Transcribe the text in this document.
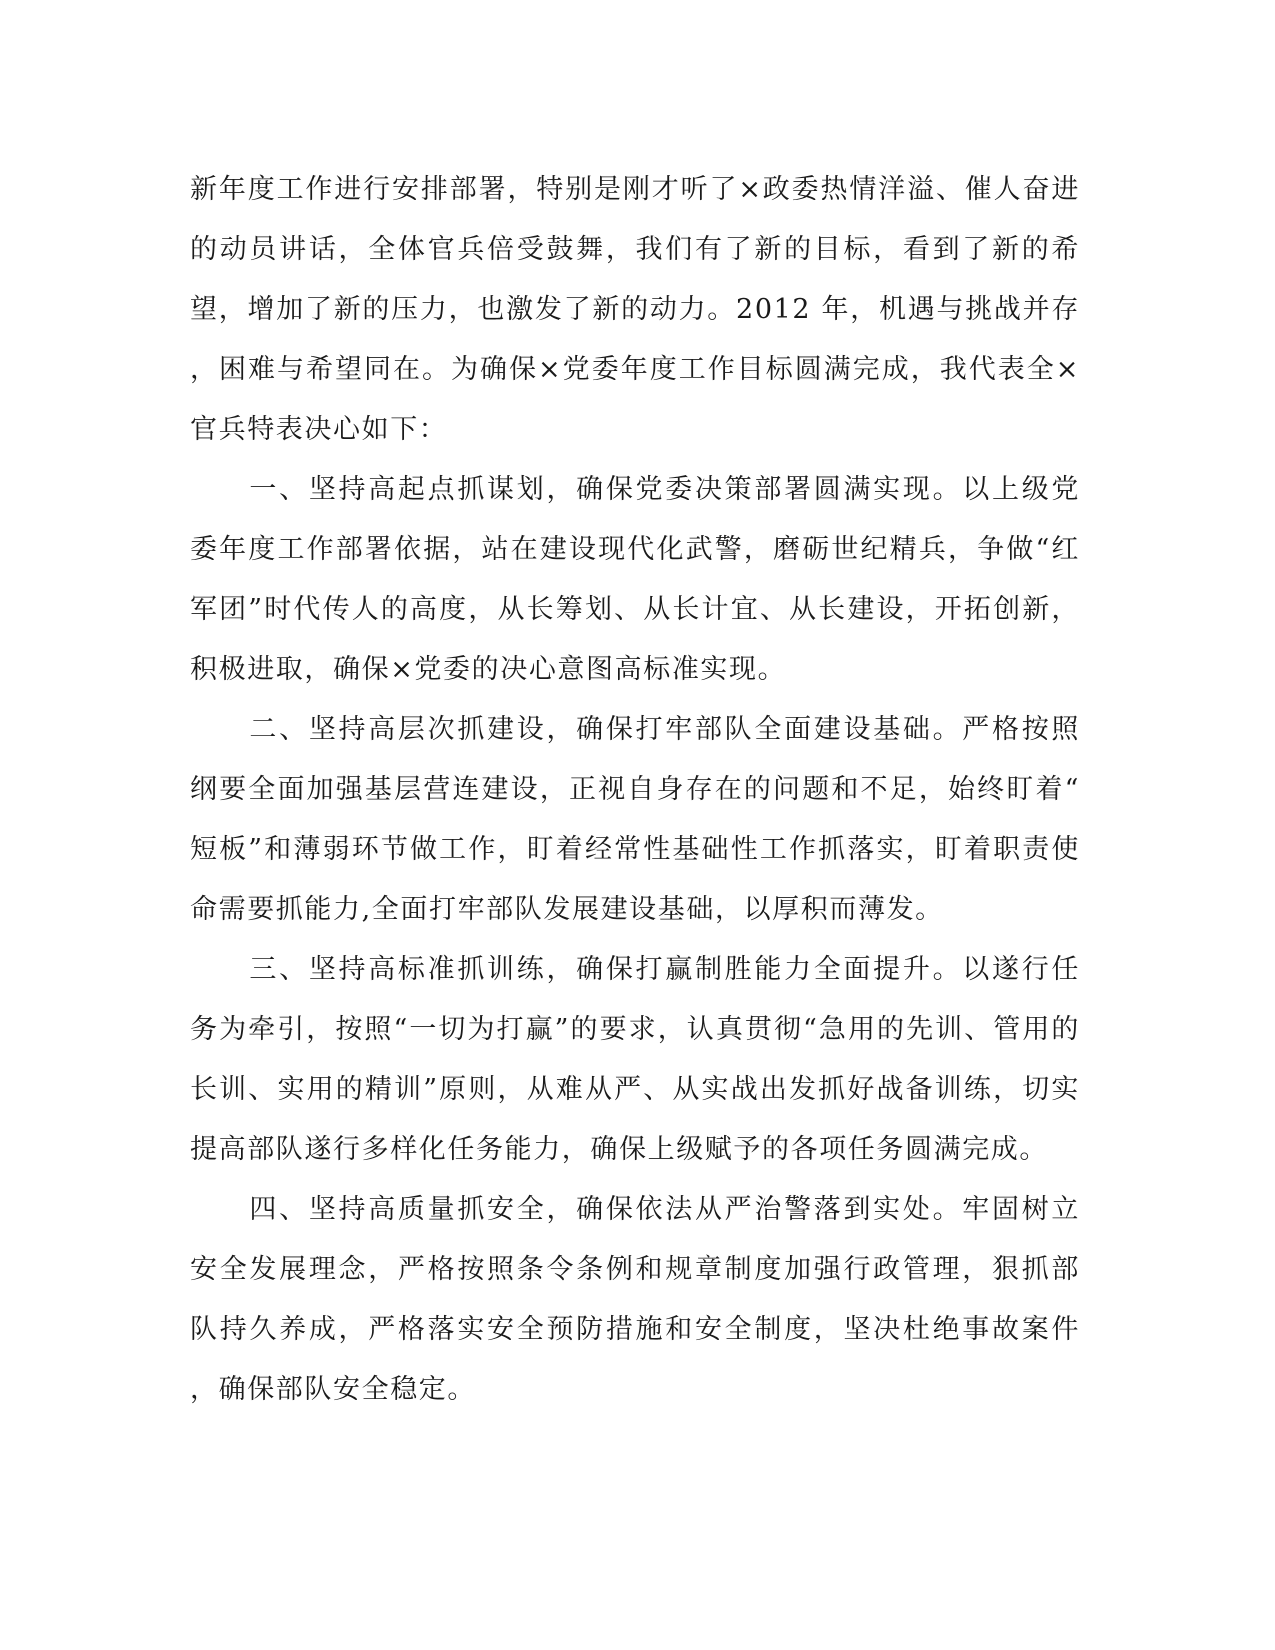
新年度工作进行安排部署，特别是刚才听了×政委热情洋溢、催人奋进
的动员讲话，全体官兵倍受鼓舞，我们有了新的目标，看到了新的希
望，增加了新的压力，也激发了新的动力。2012 年，机遇与挑战并存
，困难与希望同在。为确保×党委年度工作目标圆满完成，我代表全×
官兵特表决心如下：
　　一、坚持高起点抓谋划，确保党委决策部署圆满实现。以上级党
委年度工作部署依据，站在建设现代化武警，磨砺世纪精兵，争做“红
军团”时代传人的高度，从长筹划、从长计宜、从长建设，开拓创新，
积极进取，确保×党委的决心意图高标准实现。
　　二、坚持高层次抓建设，确保打牢部队全面建设基础。严格按照
纲要全面加强基层营连建设，正视自身存在的问题和不足，始终盯着“
短板”和薄弱环节做工作，盯着经常性基础性工作抓落实，盯着职责使
命需要抓能力,全面打牢部队发展建设基础，以厚积而薄发。
　　三、坚持高标准抓训练，确保打赢制胜能力全面提升。以遂行任
务为牵引，按照“一切为打赢”的要求，认真贯彻“急用的先训、管用的
长训、实用的精训”原则，从难从严、从实战出发抓好战备训练，切实
提高部队遂行多样化任务能力，确保上级赋予的各项任务圆满完成。
　　四、坚持高质量抓安全，确保依法从严治警落到实处。牢固树立
安全发展理念，严格按照条令条例和规章制度加强行政管理，狠抓部
队持久养成，严格落实安全预防措施和安全制度，坚决杜绝事故案件
，确保部队安全稳定。
